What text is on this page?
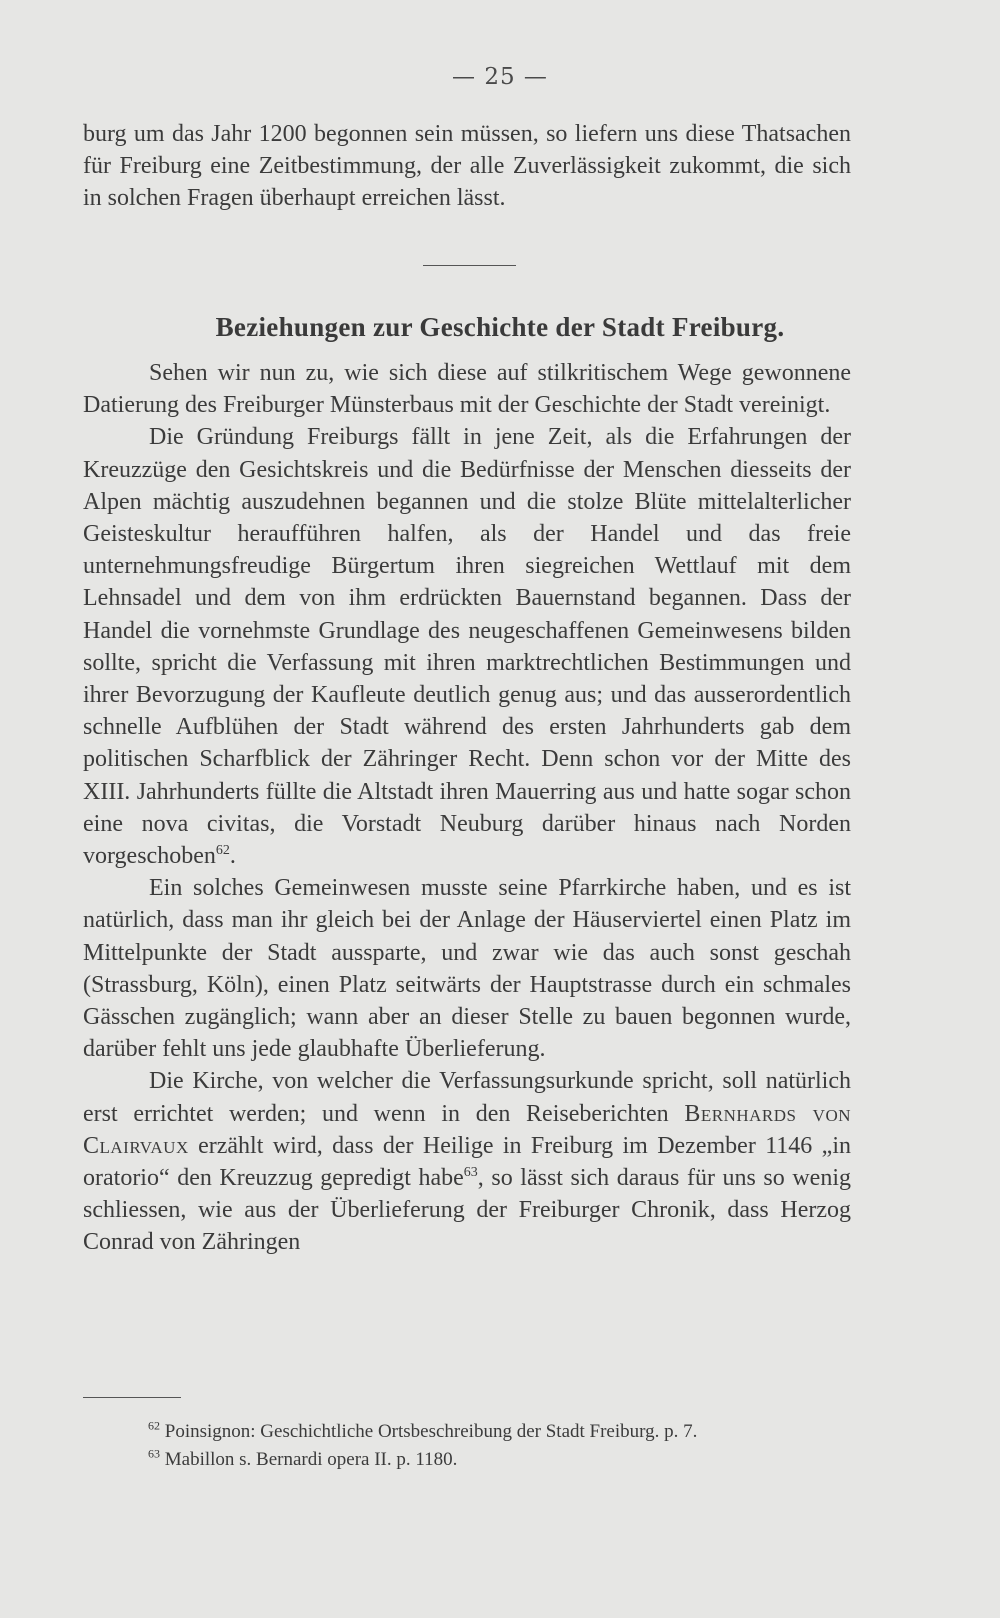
— 25 —

burg um das Jahr 1200 begonnen sein müssen, so liefern uns diese Thatsachen für Freiburg eine Zeitbestimmung, der alle Zuverlässigkeit zukommt, die sich in solchen Fragen überhaupt erreichen lässt.

Beziehungen zur Geschichte der Stadt Freiburg.

Sehen wir nun zu, wie sich diese auf stilkritischem Wege gewonnene Datierung des Freiburger Münsterbaus mit der Geschichte der Stadt vereinigt.

Die Gründung Freiburgs fällt in jene Zeit, als die Erfahrungen der Kreuzzüge den Gesichtskreis und die Bedürfnisse der Menschen diesseits der Alpen mächtig auszudehnen begannen und die stolze Blüte mittelalterlicher Geisteskultur heraufführen halfen, als der Handel und das freie unternehmungsfreudige Bürgertum ihren siegreichen Wettlauf mit dem Lehnsadel und dem von ihm erdrückten Bauernstand begannen. Dass der Handel die vornehmste Grundlage des neugeschaffenen Gemeinwesens bilden sollte, spricht die Verfassung mit ihren marktrechtlichen Bestimmungen und ihrer Bevorzugung der Kaufleute deutlich genug aus; und das ausserordentlich schnelle Aufblühen der Stadt während des ersten Jahrhunderts gab dem politischen Scharfblick der Zähringer Recht. Denn schon vor der Mitte des XIII. Jahrhunderts füllte die Altstadt ihren Mauerring aus und hatte sogar schon eine nova civitas, die Vorstadt Neuburg darüber hinaus nach Norden vorgeschoben$^{62}$.

Ein solches Gemeinwesen musste seine Pfarrkirche haben, und es ist natürlich, dass man ihr gleich bei der Anlage der Häuserviertel einen Platz im Mittelpunkte der Stadt aussparte, und zwar wie das auch sonst geschah (Strassburg, Köln), einen Platz seitwärts der Hauptstrasse durch ein schmales Gässchen zugänglich; wann aber an dieser Stelle zu bauen begonnen wurde, darüber fehlt uns jede glaubhafte Überlieferung.

Die Kirche, von welcher die Verfassungsurkunde spricht, soll natürlich erst errichtet werden; und wenn in den Reiseberichten Bernhards von Clairvaux erzählt wird, dass der Heilige in Freiburg im Dezember 1146 „in oratorio“ den Kreuzzug gepredigt habe$^{63}$, so lässt sich daraus für uns so wenig schliessen, wie aus der Überlieferung der Freiburger Chronik, dass Herzog Conrad von Zähringen

$^{62}$ Poinsignon: Geschichtliche Ortsbeschreibung der Stadt Freiburg. p. 7.

$^{63}$ Mabillon s. Bernardi opera II. p. 1180.
